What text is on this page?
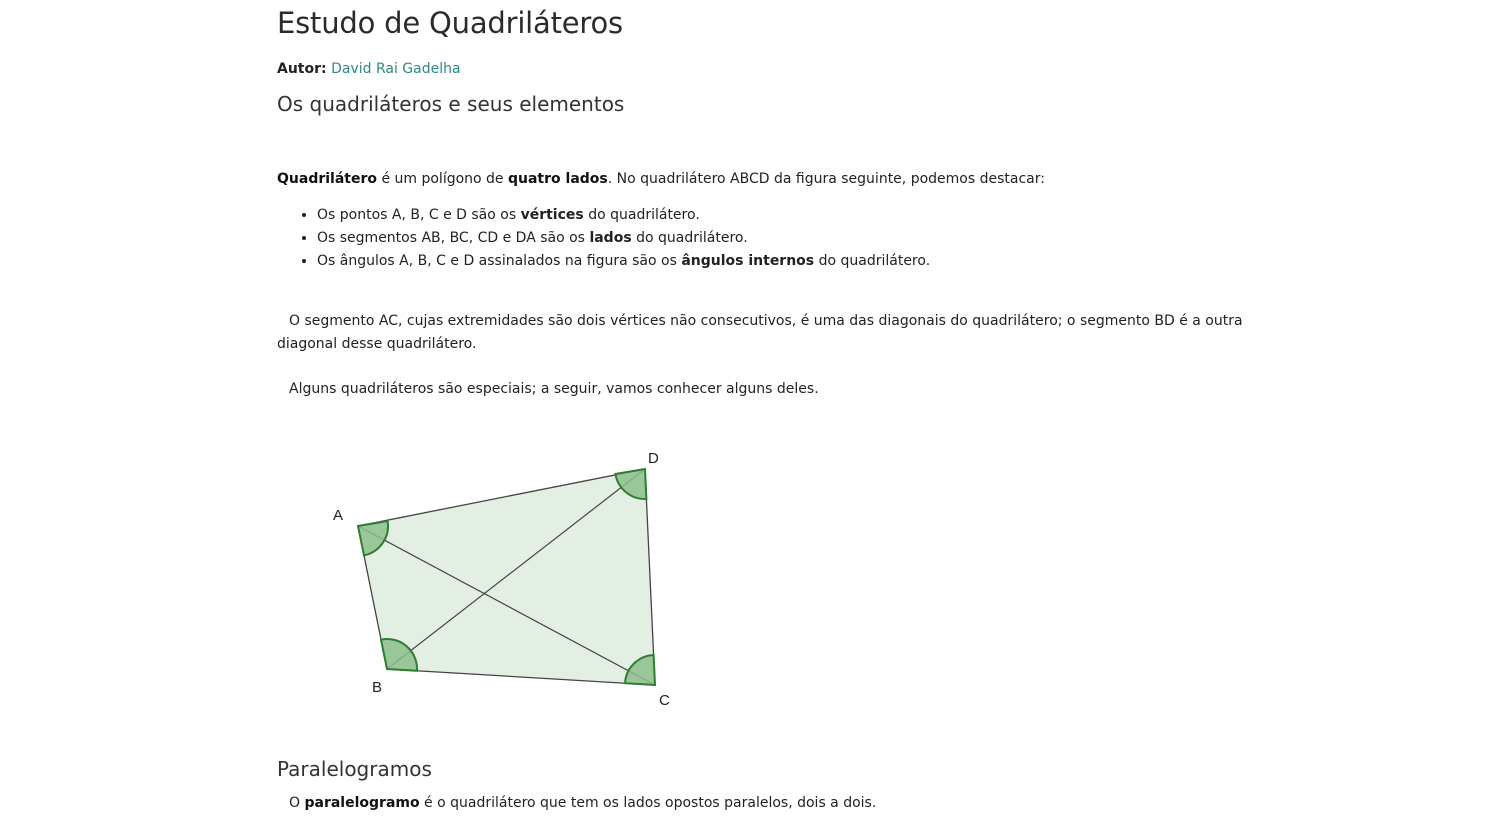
Estudo de Quadriláteros
Autor: David Rai Gadelha
Os quadriláteros e seus elementos

Quadrilátero é um polígono de quatro lados. No quadrilátero ABCD da figura seguinte, podemos destacar:

• Os pontos A, B, C e D são os vértices do quadrilátero.
• Os segmentos AB, BC, CD e DA são os lados do quadrilátero.
• Os ângulos A, B, C e D assinalados na figura são os ângulos internos do quadrilátero.

O segmento AC, cujas extremidades são dois vértices não consecutivos, é uma das diagonais do quadrilátero; o segmento BD é a outra diagonal desse quadrilátero.

Alguns quadriláteros são especiais; a seguir, vamos conhecer alguns deles.

Paralelogramos

O paralelogramo é o quadrilátero que tem os lados opostos paralelos, dois a dois.

A
B
C
D
